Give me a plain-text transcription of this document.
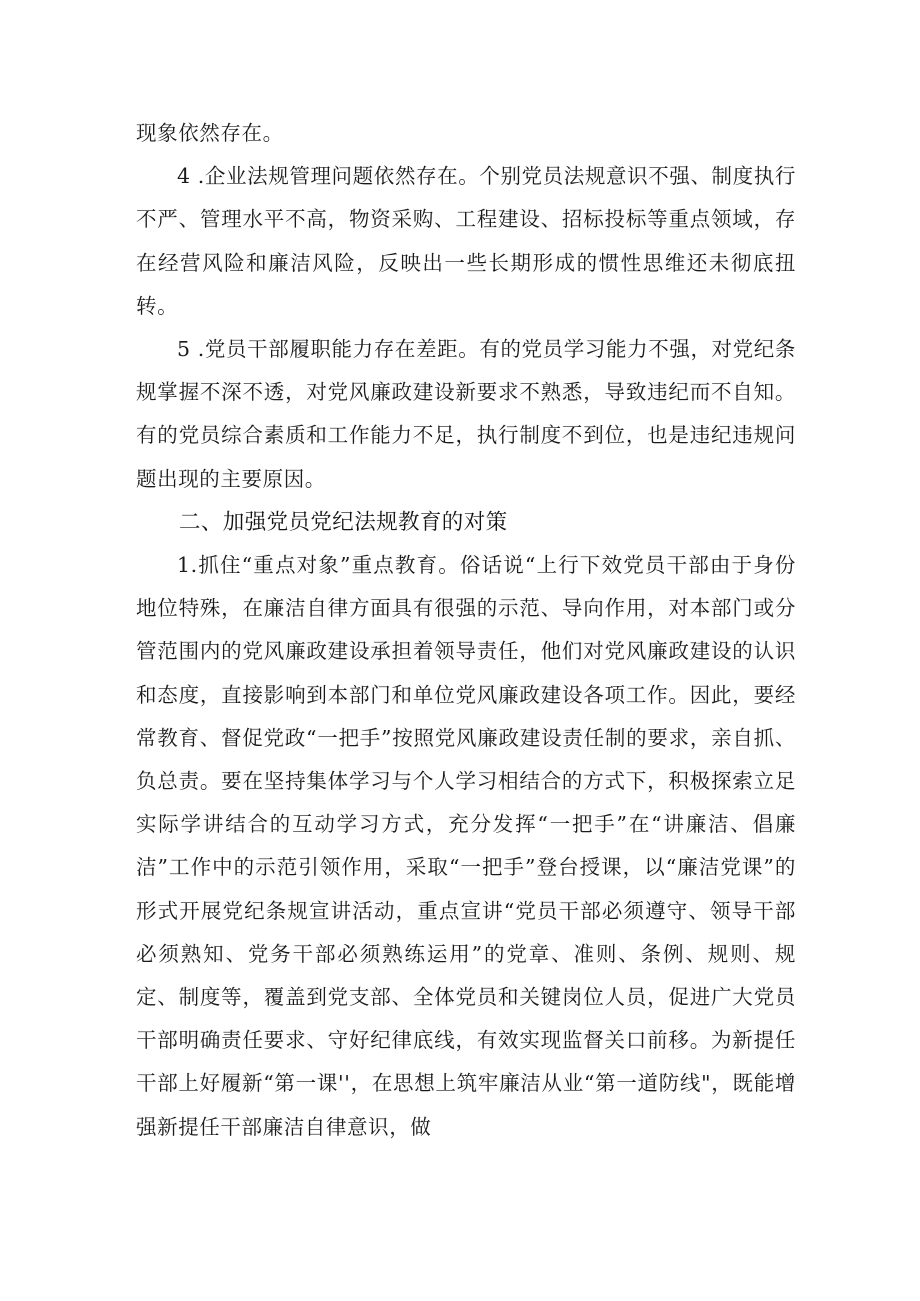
现象依然存在。

4 .企业法规管理问题依然存在。个别党员法规意识不强、制度执行不严、管理水平不高，物资采购、工程建设、招标投标等重点领域，存在经营风险和廉洁风险，反映出一些长期形成的惯性思维还未彻底扭转。

5 .党员干部履职能力存在差距。有的党员学习能力不强，对党纪条规掌握不深不透，对党风廉政建设新要求不熟悉，导致违纪而不自知。有的党员综合素质和工作能力不足，执行制度不到位，也是违纪违规问题出现的主要原因。

二、加强党员党纪法规教育的对策

1.抓住“重点对象”重点教育。俗话说“上行下效党员干部由于身份地位特殊，在廉洁自律方面具有很强的示范、导向作用，对本部门或分管范围内的党风廉政建设承担着领导责任，他们对党风廉政建设的认识和态度，直接影响到本部门和单位党风廉政建设各项工作。因此，要经常教育、督促党政“一把手”按照党风廉政建设责任制的要求，亲自抓、负总责。要在坚持集体学习与个人学习相结合的方式下，积极探索立足实际学讲结合的互动学习方式，充分发挥“一把手”在“讲廉洁、倡廉洁”工作中的示范引领作用，采取“一把手”登台授课，以“廉洁党课”的形式开展党纪条规宣讲活动，重点宣讲“党员干部必须遵守、领导干部必须熟知、党务干部必须熟练运用”的党章、准则、条例、规则、规定、制度等，覆盖到党支部、全体党员和关键岗位人员，促进广大党员干部明确责任要求、守好纪律底线，有效实现监督关口前移。为新提任干部上好履新“第一课''，在思想上筑牢廉洁从业“第一道防线"，既能增强新提任干部廉洁自律意识，做
